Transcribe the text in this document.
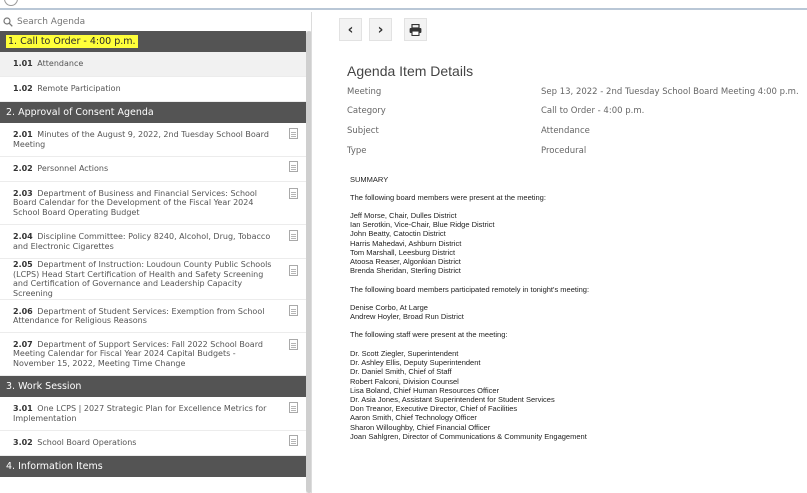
Search Agenda
1. Call to Order - 4:00 p.m.
1.01 Attendance
1.02 Remote Participation
2. Approval of Consent Agenda
2.01 Minutes of the August 9, 2022, 2nd Tuesday School Board Meeting
2.02 Personnel Actions
2.03 Department of Business and Financial Services: School Board Calendar for the Development of the Fiscal Year 2024 School Board Operating Budget
2.04 Discipline Committee: Policy 8240, Alcohol, Drug, Tobacco and Electronic Cigarettes
2.05 Department of Instruction: Loudoun County Public Schools (LCPS) Head Start Certification of Health and Safety Screening and Certification of Governance and Leadership Capacity Screening
2.06 Department of Student Services: Exemption from School Attendance for Religious Reasons
2.07 Department of Support Services: Fall 2022 School Board Meeting Calendar for Fiscal Year 2024 Capital Budgets - November 15, 2022, Meeting Time Change
3. Work Session
3.01 One LCPS | 2027 Strategic Plan for Excellence Metrics for Implementation
3.02 School Board Operations
4. Information Items
‹ ›
Agenda Item Details
Meeting	Sep 13, 2022 - 2nd Tuesday School Board Meeting 4:00 p.m.
Category	Call to Order - 4:00 p.m.
Subject	Attendance
Type	Procedural
SUMMARY
The following board members were present at the meeting:
Jeff Morse, Chair, Dulles District
Ian Serotkin, Vice-Chair, Blue Ridge District
John Beatty, Catoctin District
Harris Mahedavi, Ashburn District
Tom Marshall, Leesburg District
Atoosa Reaser, Algonkian District
Brenda Sheridan, Sterling District
The following board members participated remotely in tonight's meeting:
Denise Corbo, At Large
Andrew Hoyler, Broad Run District
The following staff were present at the meeting:
Dr. Scott Ziegler, Superintendent
Dr. Ashley Ellis, Deputy Superintendent
Dr. Daniel Smith, Chief of Staff
Robert Falconi, Division Counsel
Lisa Boland, Chief Human Resources Officer
Dr. Asia Jones, Assistant Superintendent for Student Services
Don Treanor, Executive Director, Chief of Facilities
Aaron Smith, Chief Technology Officer
Sharon Willoughby, Chief Financial Officer
Joan Sahlgren, Director of Communications & Community Engagement
